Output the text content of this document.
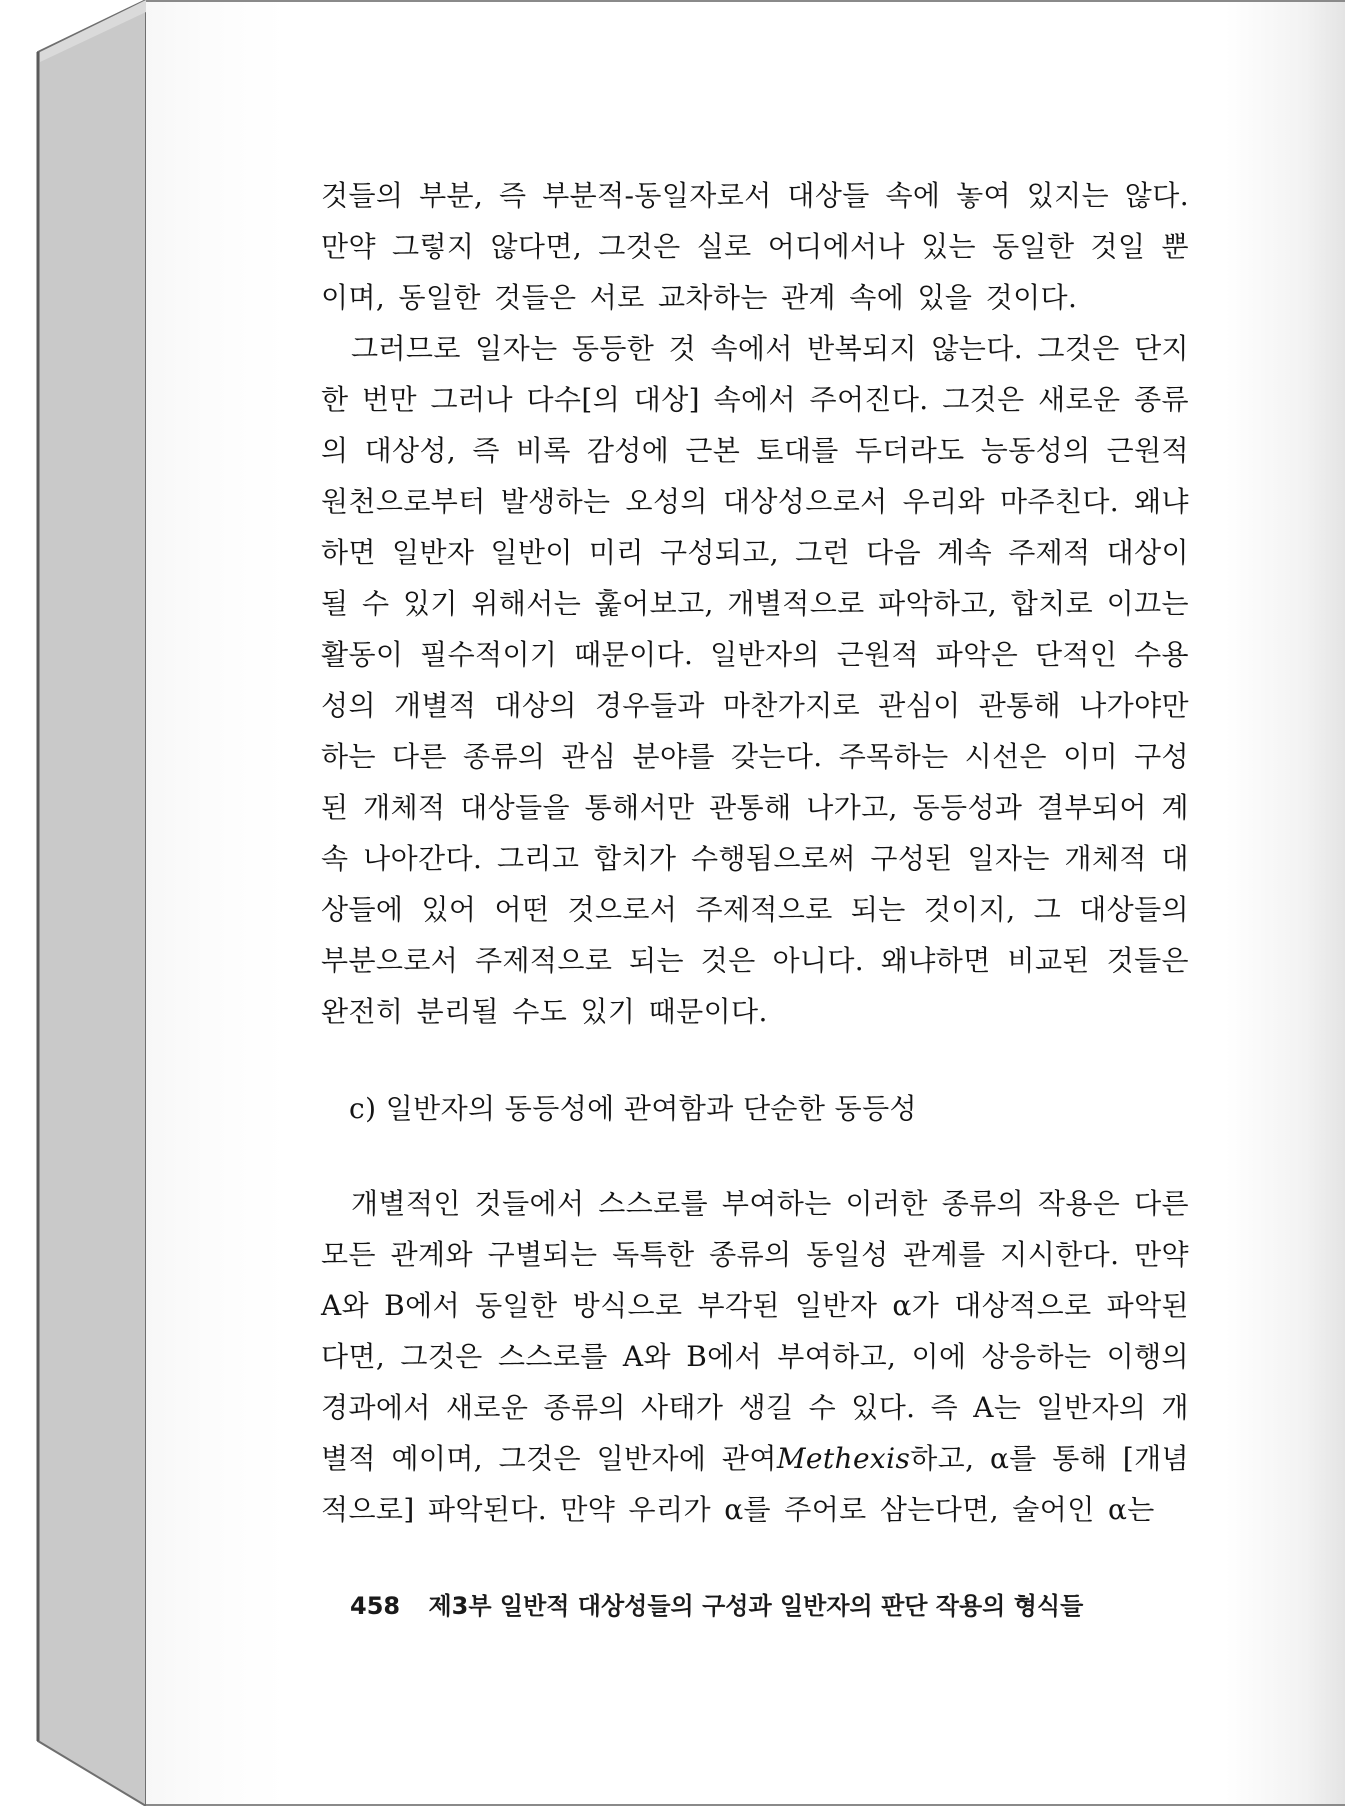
것들의 부분, 즉 부분적-동일자로서 대상들 속에 놓여 있지는 않다. 만약 그렇지 않다면, 그것은 실로 어디에서나 있는 동일한 것일 뿐이며, 동일한 것들은 서로 교차하는 관계 속에 있을 것이다.

그러므로 일자는 동등한 것 속에서 반복되지 않는다. 그것은 단지 한 번만 그러나 다수[의 대상] 속에서 주어진다. 그것은 새로운 종류의 대상성, 즉 비록 감성에 근본 토대를 두더라도 능동성의 근원적 원천으로부터 발생하는 오성의 대상성으로서 우리와 마주친다. 왜냐하면 일반자 일반이 미리 구성되고, 그런 다음 계속 주제적 대상이 될 수 있기 위해서는 훑어보고, 개별적으로 파악하고, 합치로 이끄는 활동이 필수적이기 때문이다. 일반자의 근원적 파악은 단적인 수용성의 개별적 대상의 경우들과 마찬가지로 관심이 관통해 나가야만 하는 다른 종류의 관심 분야를 갖는다. 주목하는 시선은 이미 구성된 개체적 대상들을 통해서만 관통해 나가고, 동등성과 결부되어 계속 나아간다. 그리고 합치가 수행됨으로써 구성된 일자는 개체적 대상들에 있어 어떤 것으로서 주제적으로 되는 것이지, 그 대상들의 부분으로서 주제적으로 되는 것은 아니다. 왜냐하면 비교된 것들은 완전히 분리될 수도 있기 때문이다.

c) 일반자의 동등성에 관여함과 단순한 동등성

개별적인 것들에서 스스로를 부여하는 이러한 종류의 작용은 다른 모든 관계와 구별되는 독특한 종류의 동일성 관계를 지시한다. 만약 A와 B에서 동일한 방식으로 부각된 일반자 α가 대상적으로 파악된다면, 그것은 스스로를 A와 B에서 부여하고, 이에 상응하는 이행의 경과에서 새로운 종류의 사태가 생길 수 있다. 즉 A는 일반자의 개별적 예이며, 그것은 일반자에 관여Methexis하고, α를 통해 [개념적으로] 파악된다. 만약 우리가 α를 주어로 삼는다면, 술어인 α는

458 제3부 일반적 대상성들의 구성과 일반자의 판단 작용의 형식들
